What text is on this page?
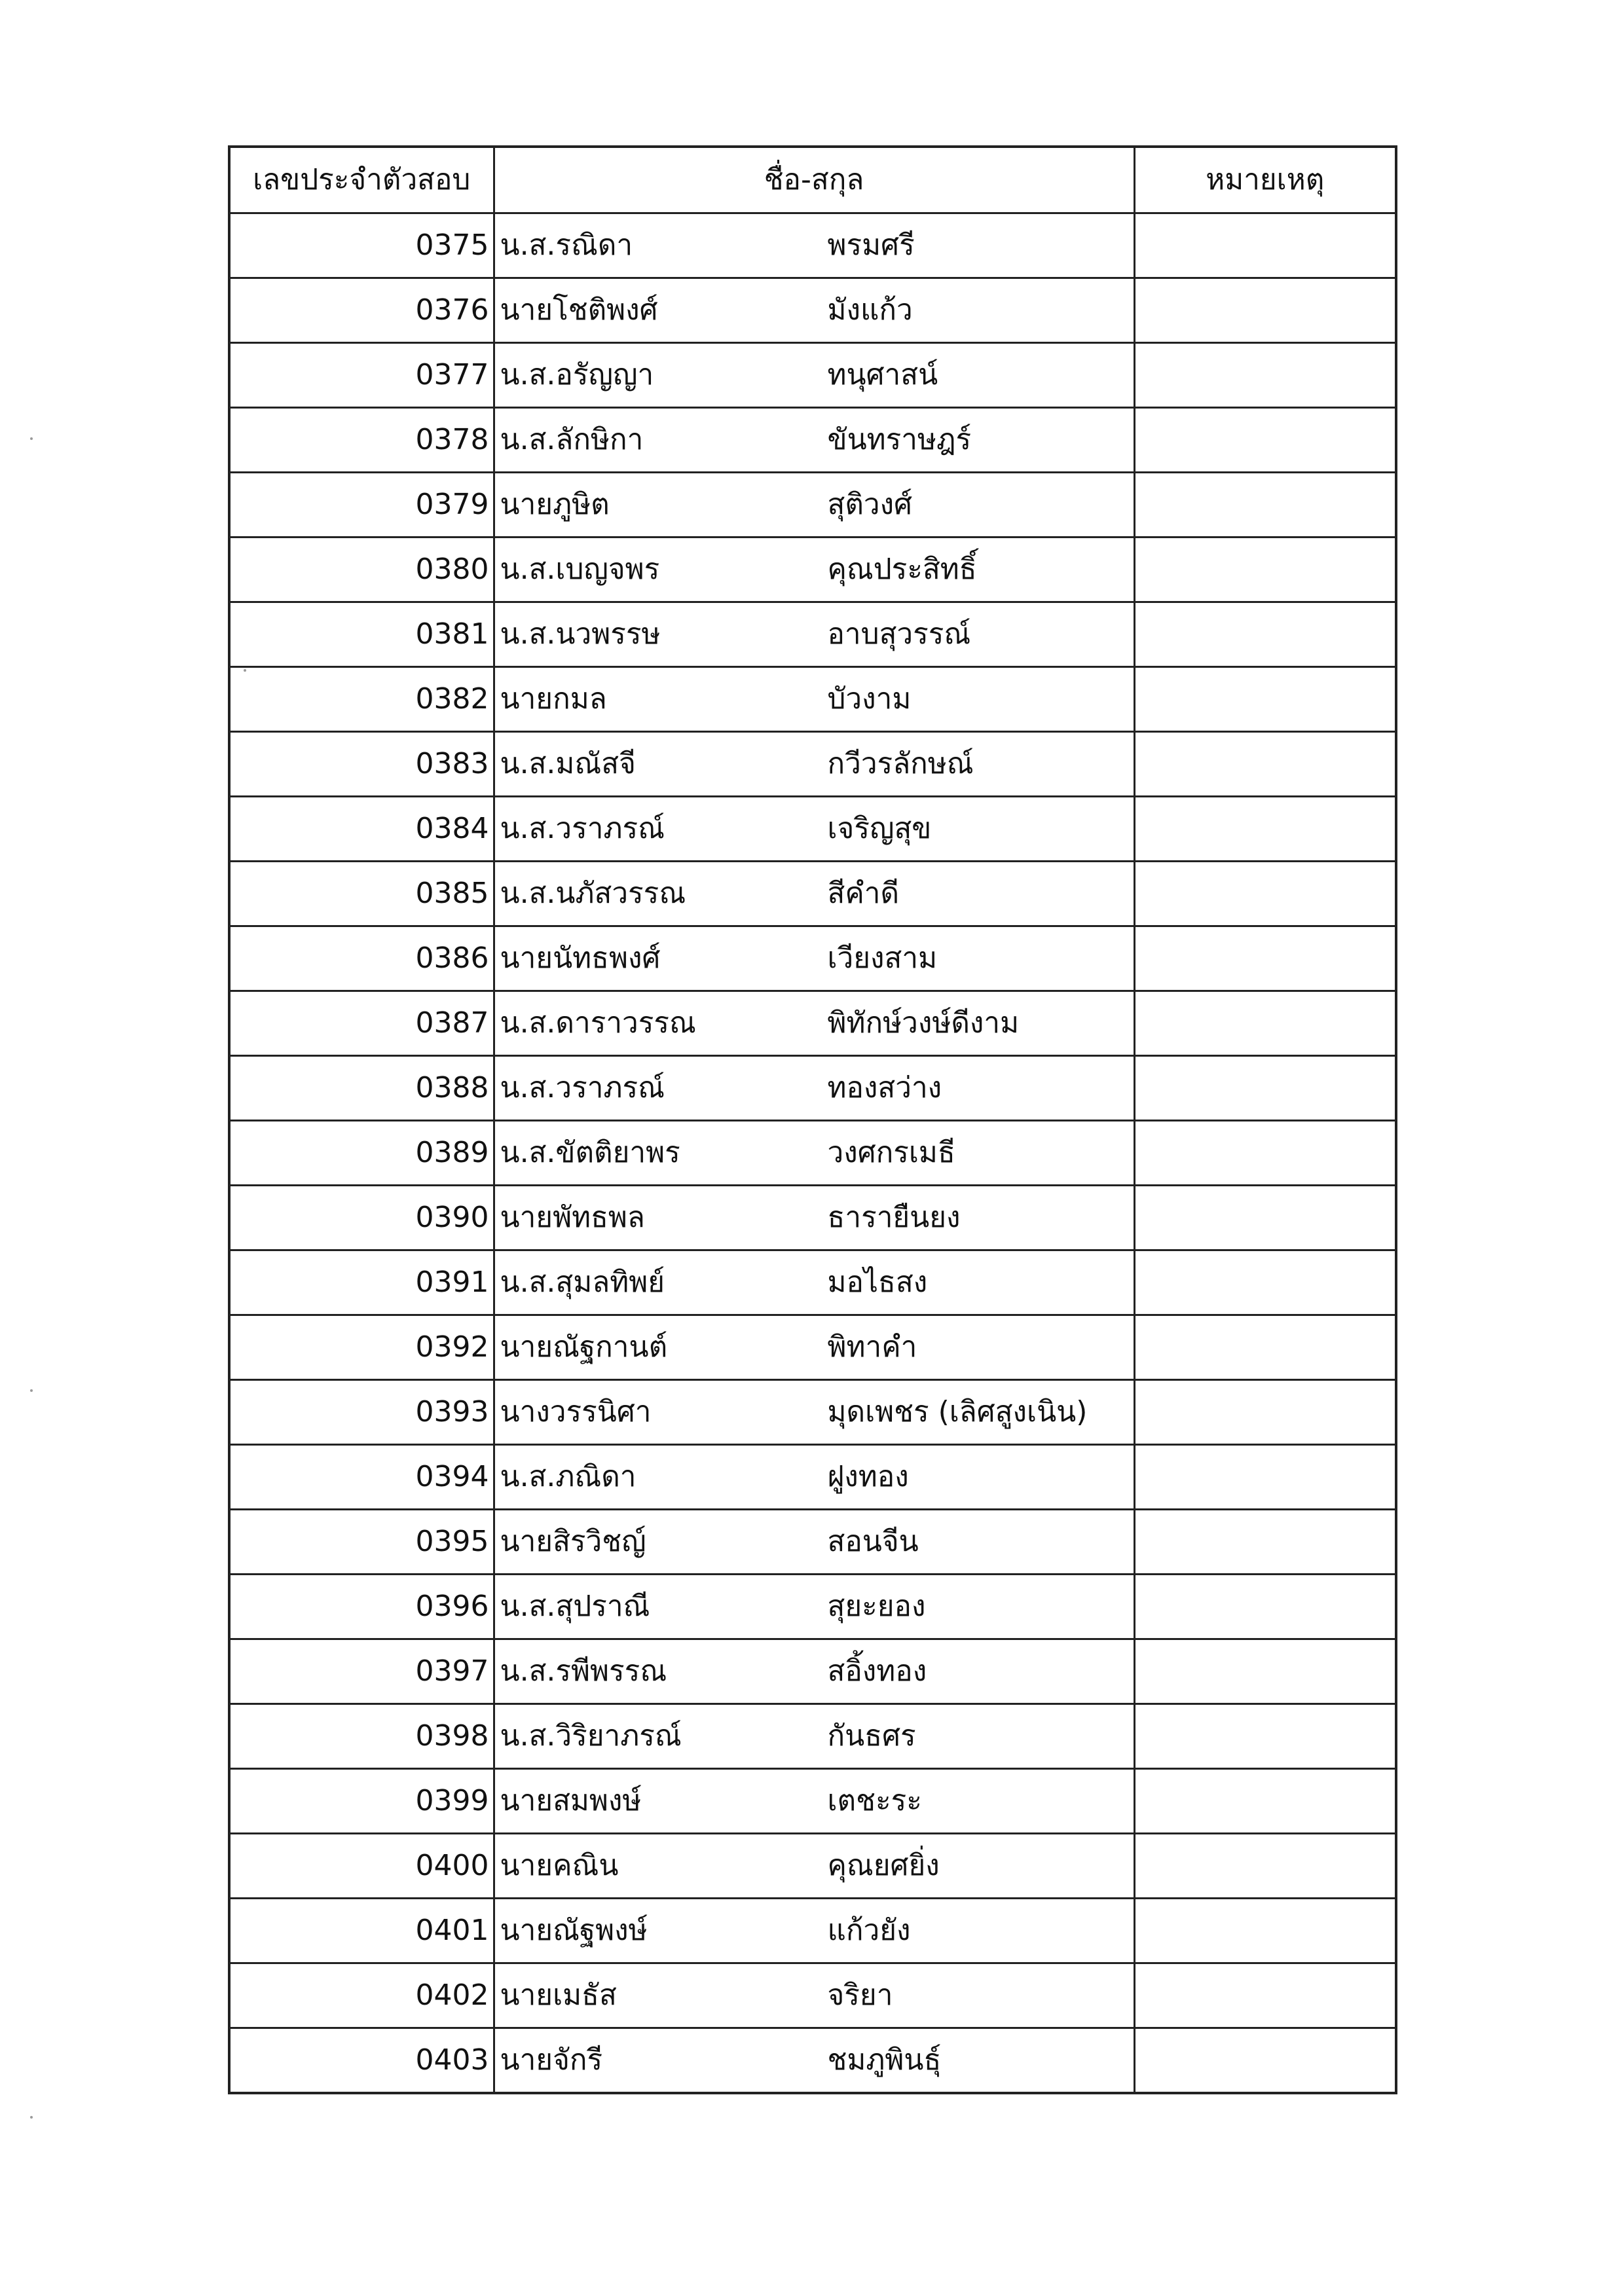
เลขประจำตัวสอบ	ชื่อ-สกุล	หมายเหตุ
0375	น.ส.รณิดา พรมศรี	
0376	นายโชติพงศ์ มังแก้ว	
0377	น.ส.อรัญญา ทนุศาสน์	
0378	น.ส.ลักษิกา ขันทราษฎร์	
0379	นายภูษิต สุติวงศ์	
0380	น.ส.เบญจพร คุณประสิทธิ์	
0381	น.ส.นวพรรษ อาบสุวรรณ์	
0382	นายกมล บัวงาม	
0383	น.ส.มณัสจี กวีวรลักษณ์	
0384	น.ส.วราภรณ์ เจริญสุข	
0385	น.ส.นภัสวรรณ สีคำดี	
0386	นายนัทธพงศ์ เวียงสาม	
0387	น.ส.ดาราวรรณ พิทักษ์วงษ์ดีงาม	
0388	น.ส.วราภรณ์ ทองสว่าง	
0389	น.ส.ขัตติยาพร วงศกรเมธี	
0390	นายพัทธพล ธารายืนยง	
0391	น.ส.สุมลทิพย์ มอไธสง	
0392	นายณัฐกานต์ พิทาคำ	
0393	นางวรรนิศา มุดเพชร (เลิศสูงเนิน)	
0394	น.ส.ภณิดา ฝูงทอง	
0395	นายสิรวิชญ์ สอนจีน	
0396	น.ส.สุปราณี สุยะยอง	
0397	น.ส.รพีพรรณ สอิ้งทอง	
0398	น.ส.วิริยาภรณ์ กันธศร	
0399	นายสมพงษ์ เตชะระ	
0400	นายคณิน คุณยศยิ่ง	
0401	นายณัฐพงษ์ แก้วยัง	
0402	นายเมธัส จริยา	
0403	นายจักรี ชมภูพินธุ์	
